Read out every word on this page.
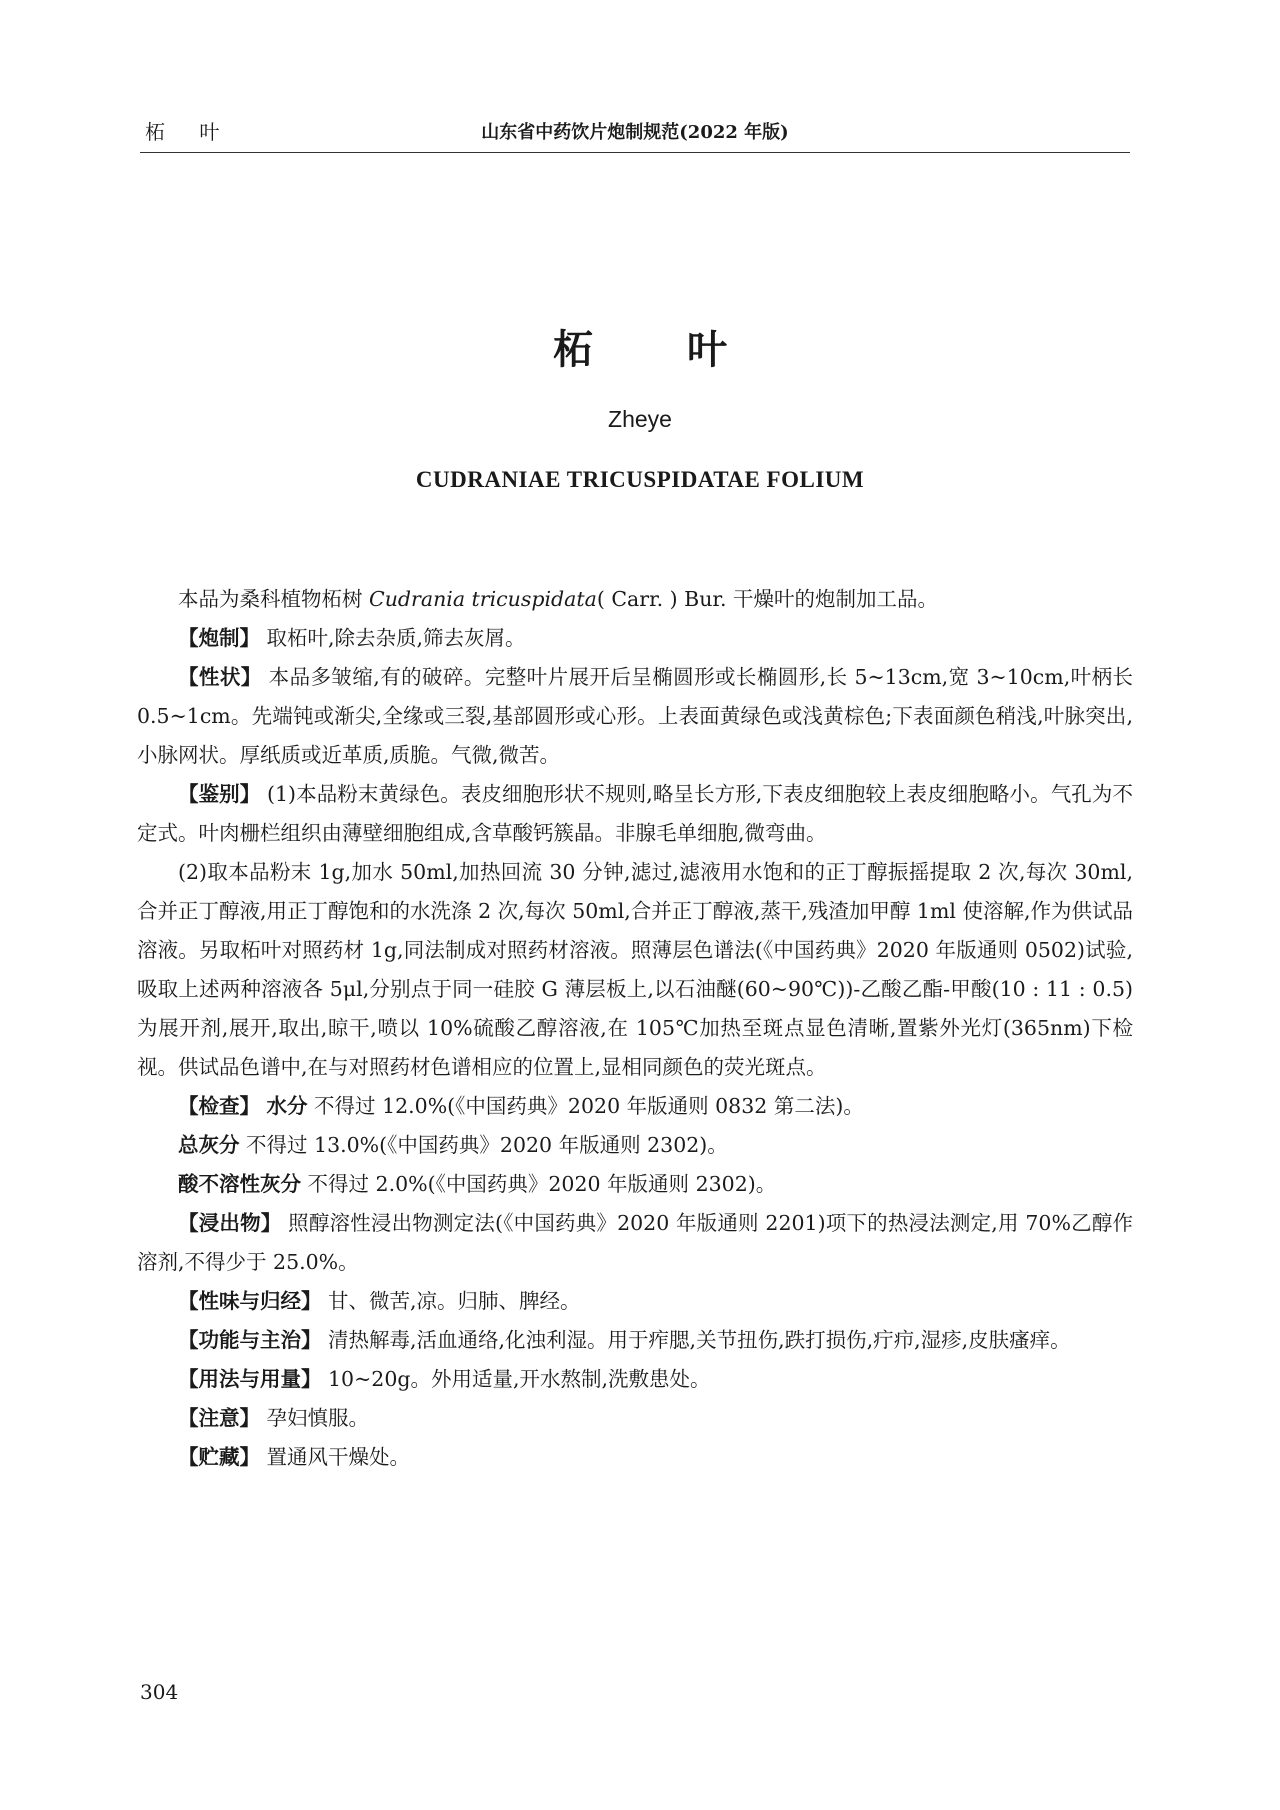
柘 叶	山东省中药饮片炮制规范(2022 年版)
柘 叶
Zheye
CUDRANIAE TRICUSPIDATAE FOLIUM

本品为桑科植物柘树 Cudrania tricuspidata( Carr. ) Bur. 干燥叶的炮制加工品。

【炮制】 取柘叶,除去杂质,筛去灰屑。

【性状】 本品多皱缩,有的破碎。完整叶片展开后呈椭圆形或长椭圆形,长 5~13cm,宽 3~10cm,叶柄长 0.5~1cm。先端钝或渐尖,全缘或三裂,基部圆形或心形。上表面黄绿色或浅黄棕色;下表面颜色稍浅,叶脉突出,小脉网状。厚纸质或近革质,质脆。气微,微苦。

【鉴别】 (1)本品粉末黄绿色。表皮细胞形状不规则,略呈长方形,下表皮细胞较上表皮细胞略小。气孔为不定式。叶肉栅栏组织由薄壁细胞组成,含草酸钙簇晶。非腺毛单细胞,微弯曲。

(2)取本品粉末 1g,加水 50ml,加热回流 30 分钟,滤过,滤液用水饱和的正丁醇振摇提取 2 次,每次 30ml,合并正丁醇液,用正丁醇饱和的水洗涤 2 次,每次 50ml,合并正丁醇液,蒸干,残渣加甲醇 1ml 使溶解,作为供试品溶液。另取柘叶对照药材 1g,同法制成对照药材溶液。照薄层色谱法(《中国药典》2020 年版通则 0502)试验,吸取上述两种溶液各 5μl,分别点于同一硅胶 G 薄层板上,以石油醚(60~90℃))-乙酸乙酯-甲酸(10 : 11 : 0.5)为展开剂,展开,取出,晾干,喷以 10%硫酸乙醇溶液,在 105℃加热至斑点显色清晰,置紫外光灯(365nm)下检视。供试品色谱中,在与对照药材色谱相应的位置上,显相同颜色的荧光斑点。

【检查】 水分 不得过 12.0%(《中国药典》2020 年版通则 0832 第二法)。

总灰分 不得过 13.0%(《中国药典》2020 年版通则 2302)。

酸不溶性灰分 不得过 2.0%(《中国药典》2020 年版通则 2302)。

【浸出物】 照醇溶性浸出物测定法(《中国药典》2020 年版通则 2201)项下的热浸法测定,用 70%乙醇作溶剂,不得少于 25.0%。

【性味与归经】 甘、微苦,凉。归肺、脾经。

【功能与主治】 清热解毒,活血通络,化浊利湿。用于痄腮,关节扭伤,跌打损伤,疔疖,湿疹,皮肤瘙痒。

【用法与用量】 10~20g。外用适量,开水熬制,洗敷患处。

【注意】 孕妇慎服。

【贮藏】 置通风干燥处。

304
